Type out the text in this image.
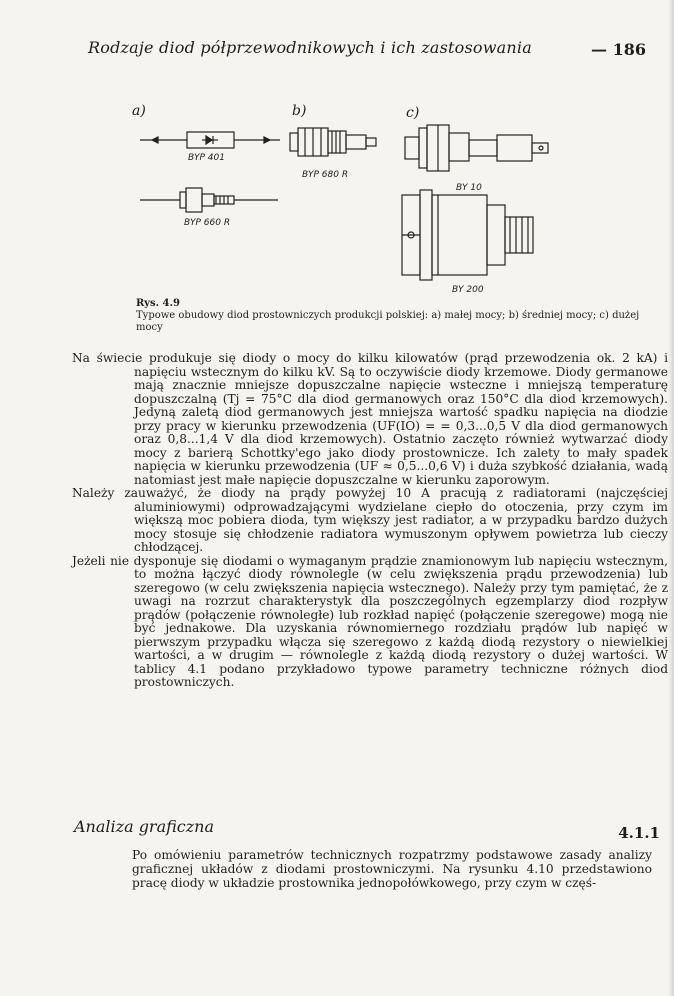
Rodzaje diod półprzewodnikowych i ich zastosowania	— 186
a)	b)	c)
BYP 401
BYP 680 R
BYP 660 R
BY 10
BY 200
Rys. 4.9
Typowe obudowy diod prostowniczych produkcji polskiej: a) małej mocy; b) średniej mocy; c) dużej mocy

Na świecie produkuje się diody o mocy do kilku kilowatów (prąd przewodzenia ok. 2 kA) i napięciu wstecznym do kilku kV. Są to oczywiście diody krzemowe. Diody germanowe mają znacznie mniejsze dopuszczalne napięcie wsteczne i mniejszą temperaturę dopuszczalną (Tj = 75°C dla diod germanowych oraz 150°C dla diod krzemowych). Jedyną zaletą diod germanowych jest mniejsza wartość spadku napięcia na diodzie przy pracy w kierunku przewodzenia (UF(IO) = = 0,3...0,5 V dla diod germanowych oraz 0,8...1,4 V dla diod krzemowych). Ostatnio zaczęto również wytwarzać diody mocy z barierą Schottky'ego jako diody prostownicze. Ich zalety to mały spadek napięcia w kierunku przewodzenia (UF ≈ 0,5...0,6 V) i duża szybkość działania, wadą natomiast jest małe napięcie dopuszczalne w kierunku zaporowym.

Należy zauważyć, że diody na prądy powyżej 10 A pracują z radiatorami (najczęściej aluminiowymi) odprowadzającymi wydzielane ciepło do otoczenia, przy czym im większą moc pobiera dioda, tym większy jest radiator, a w przypadku bardzo dużych mocy stosuje się chłodzenie radiatora wymuszonym opływem powietrza lub cieczy chłodzącej.

Jeżeli nie dysponuje się diodami o wymaganym prądzie znamionowym lub napięciu wstecznym, to można łączyć diody równolegle (w celu zwiększenia prądu przewodzenia) lub szeregowo (w celu zwiększenia napięcia wstecznego). Należy przy tym pamiętać, że z uwagi na rozrzut charakterystyk dla poszczególnych egzemplarzy diod rozpływ prądów (połączenie równoległe) lub rozkład napięć (połączenie szeregowe) mogą nie być jednakowe. Dla uzyskania równomiernego rozdziału prądów lub napięć w pierwszym przypadku włącza się szeregowo z każdą diodą rezystory o niewielkiej wartości, a w drugim — równolegle z każdą diodą rezystory o dużej wartości. W tablicy 4.1 podano przykładowo typowe parametry techniczne różnych diod prostowniczych.

Analiza graficzna	4.1.1

Po omówieniu parametrów technicznych rozpatrzmy podstawowe zasady analizy graficznej układów z diodami prostowniczymi. Na rysunku 4.10 przedstawiono pracę diody w układzie prostownika jednopołówkowego, przy czym w częś-
